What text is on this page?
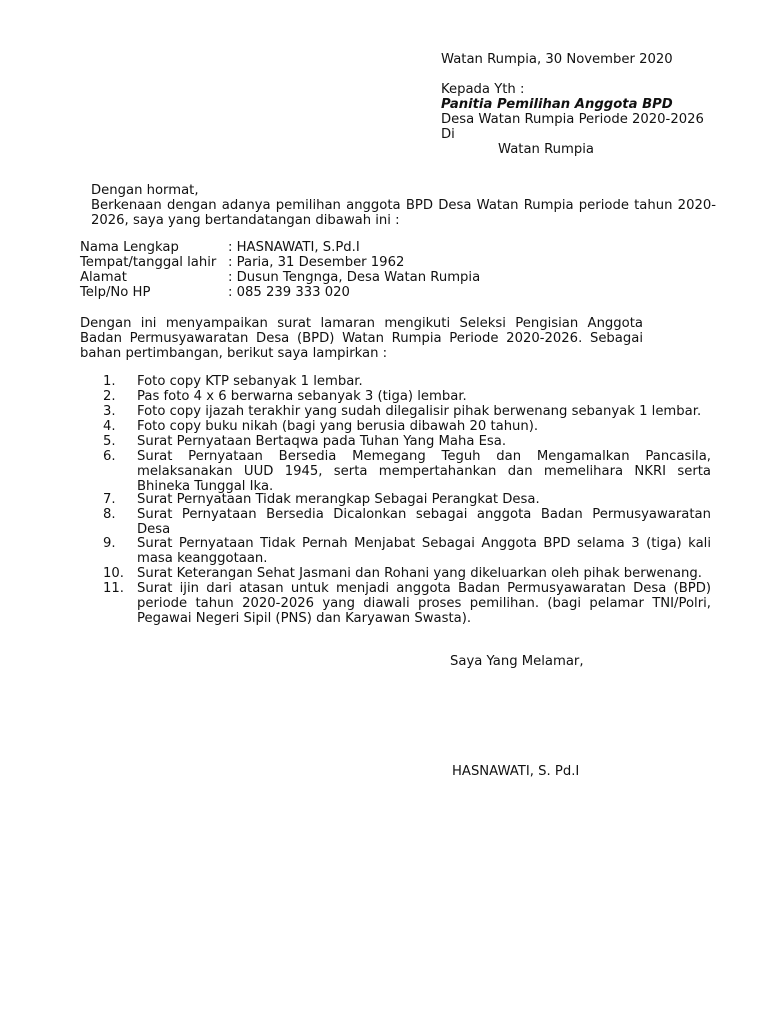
Watan Rumpia, 30 November 2020
Kepada Yth :
Panitia Pemilihan Anggota BPD
Desa Watan Rumpia Periode 2020-2026
Di
Watan Rumpia
Dengan hormat,
Berkenaan dengan adanya pemilihan anggota BPD Desa Watan Rumpia periode tahun 2020-
2026, saya yang bertandatangan dibawah ini :
Nama Lengkap	: HASNAWATI, S.Pd.I
Tempat/tanggal lahir : Paria, 31 Desember 1962
Alamat	: Dusun Tengnga, Desa Watan Rumpia
Telp/No HP	: 085 239 333 020
Dengan ini menyampaikan surat lamaran mengikuti Seleksi Pengisian Anggota
Badan Permusyawaratan Desa (BPD) Watan Rumpia Periode 2020-2026. Sebagai
bahan pertimbangan, berikut saya lampirkan :
1. Foto copy KTP sebanyak 1 lembar.
2. Pas foto 4 x 6 berwarna sebanyak 3 (tiga) lembar.
3. Foto copy ijazah terakhir yang sudah dilegalisir pihak berwenang sebanyak 1 lembar.
4. Foto copy buku nikah (bagi yang berusia dibawah 20 tahun).
5. Surat Pernyataan Bertaqwa pada Tuhan Yang Maha Esa.
6. Surat Pernyataan Bersedia Memegang Teguh dan Mengamalkan Pancasila,
melaksanakan UUD 1945, serta mempertahankan dan memelihara NKRI serta
Bhineka Tunggal Ika.
7. Surat Pernyataan Tidak merangkap Sebagai Perangkat Desa.
8. Surat Pernyataan Bersedia Dicalonkan sebagai anggota Badan Permusyawaratan
Desa
9. Surat Pernyataan Tidak Pernah Menjabat Sebagai Anggota BPD selama 3 (tiga) kali
masa keanggotaan.
10. Surat Keterangan Sehat Jasmani dan Rohani yang dikeluarkan oleh pihak berwenang.
11. Surat ijin dari atasan untuk menjadi anggota Badan Permusyawaratan Desa (BPD)
periode tahun 2020-2026 yang diawali proses pemilihan. (bagi pelamar TNI/Polri,
Pegawai Negeri Sipil (PNS) dan Karyawan Swasta).
Saya Yang Melamar,
HASNAWATI, S. Pd.I
